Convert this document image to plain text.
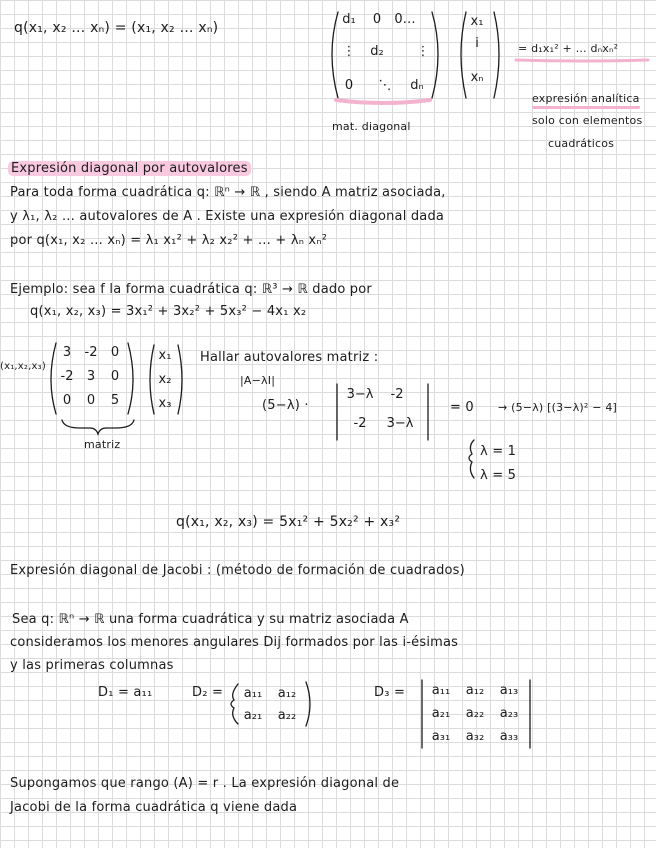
q(x₁, x₂ … xₙ) = (x₁, x₂ … xₙ)
d₁	0	0…
⋮	d₂	⋮
0	⋱	dₙ
x₁
i
xₙ
= d₁x₁² + … dₙxₙ²
mat. diagonal
expresión analítica
solo con elementos
cuadráticos
Expresión diagonal por autovalores
Para toda forma cuadrática q: ℝⁿ → ℝ , siendo A matriz asociada,
y λ₁, λ₂ … autovalores de A . Existe una expresión diagonal dada
por q(x₁, x₂ … xₙ) = λ₁ x₁² + λ₂ x₂² + … + λₙ xₙ²
Ejemplo: sea f la forma cuadrática q: ℝ³ → ℝ dado por
q(x₁, x₂, x₃) = 3x₁² + 3x₂² + 5x₃² − 4x₁ x₂
(x₁,x₂,x₃)
3	-2	0
-2	3	0
0	0	5
x₁
x₂
x₃
matriz
Hallar autovalores matriz :
|A−λI|
(5−λ) ·
3−λ	-2
-2	3−λ
= 0 → (5−λ) [(3−λ)² − 4]
λ = 1
λ = 5
q(x₁, x₂, x₃) = 5x₁² + 5x₂² + x₃²
Expresión diagonal de Jacobi : (método de formación de cuadrados)
Sea q: ℝⁿ → ℝ una forma cuadrática y su matriz asociada A
consideramos los menores angulares Dij formados por las i-ésimas
y las primeras columnas
D₁ = a₁₁	D₂ =	a₁₁	a₁₂
a₂₁	a₂₂
D₃ =	a₁₁	a₁₂	a₁₃
a₂₁	a₂₂	a₂₃
a₃₁	a₃₂	a₃₃
Supongamos que rango (A) = r . La expresión diagonal de
Jacobi de la forma cuadrática q viene dada
